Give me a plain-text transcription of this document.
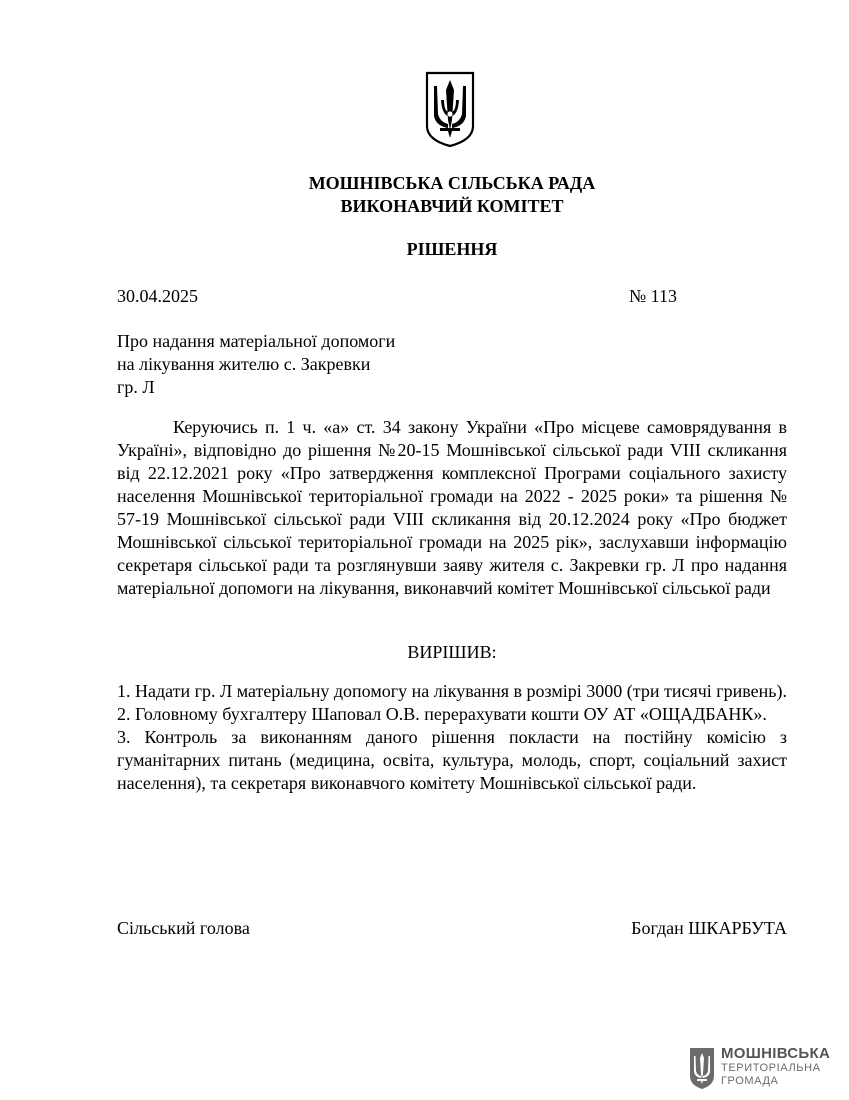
МОШНІВСЬКА СІЛЬСЬКА РАДА
ВИКОНАВЧИЙ КОМІТЕТ
РІШЕННЯ
30.04.2025	№ 113
Про надання матеріальної допомоги
на лікування жителю с. Закревки
гр. Л

Керуючись п. 1 ч. «а» ст. 34 закону України «Про місцеве самоврядування в Україні», відповідно до рішення №20-15 Мошнівської сільської ради VIII скликання від 22.12.2021 року «Про затвердження комплексної Програми соціального захисту населення Мошнівської територіальної громади на 2022 - 2025 роки» та рішення № 57-19 Мошнівської сільської ради VIII скликання від 20.12.2024 року «Про бюджет Мошнівської сільської територіальної громади на 2025 рік», заслухавши інформацію секретаря сільської ради та розглянувши заяву жителя с. Закревки гр. Л про надання матеріальної допомоги на лікування, виконавчий комітет Мошнівської сільської ради

ВИРІШИВ:

1. Надати гр. Л матеріальну допомогу на лікування в розмірі 3000 (три тисячі гривень).

2. Головному бухгалтеру Шаповал О.В. перерахувати кошти ОУ АТ «ОЩАДБАНК».

3. Контроль за виконанням даного рішення покласти на постійну комісію з гуманітарних питань (медицина, освіта, культура, молодь, спорт, соціальний захист населення), та секретаря виконавчого комітету Мошнівської сільської ради.

Сільський голова	Богдан ШКАРБУТА
МОШНІВСЬКА
ТЕРИТОРІАЛЬНА
ГРОМАДА
